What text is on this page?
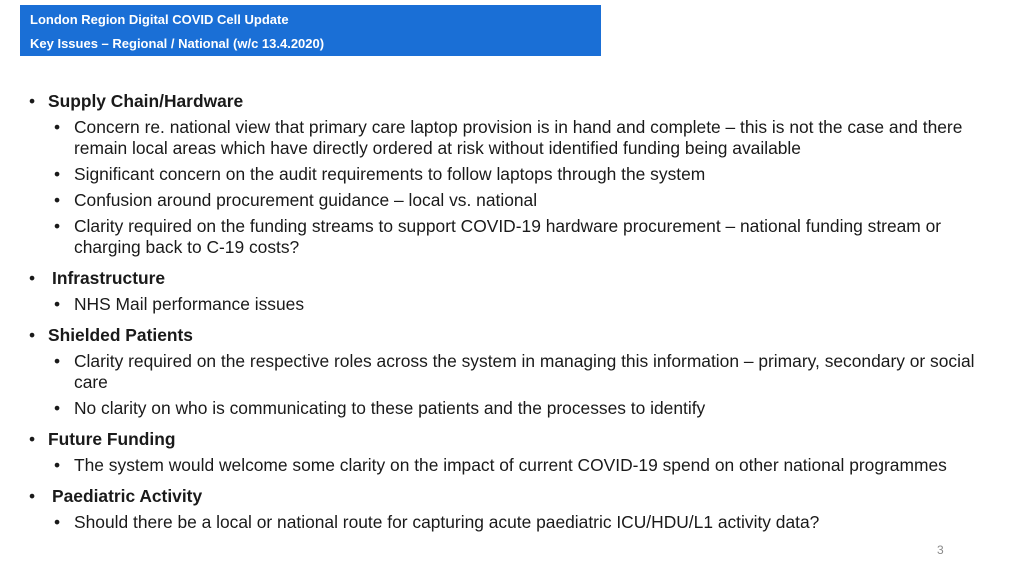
London Region Digital COVID Cell Update
Key Issues – Regional / National (w/c 13.4.2020)
• Supply Chain/Hardware
• Concern re. national view that primary care laptop provision is in hand and complete – this is not the case and there remain local areas which have directly ordered at risk without identified funding being available
• Significant concern on the audit requirements to follow laptops through the system
• Confusion around procurement guidance – local vs. national
• Clarity required on the funding streams to support COVID-19 hardware procurement – national funding stream or charging back to C-19 costs?
• Infrastructure
• NHS Mail performance issues
• Shielded Patients
• Clarity required on the respective roles across the system in managing this information – primary, secondary or social care
• No clarity on who is communicating to these patients and the processes to identify
• Future Funding
• The system would welcome some clarity on the impact of current COVID-19 spend on other national programmes
• Paediatric Activity
• Should there be a local or national route for capturing acute paediatric ICU/HDU/L1 activity data?
3
